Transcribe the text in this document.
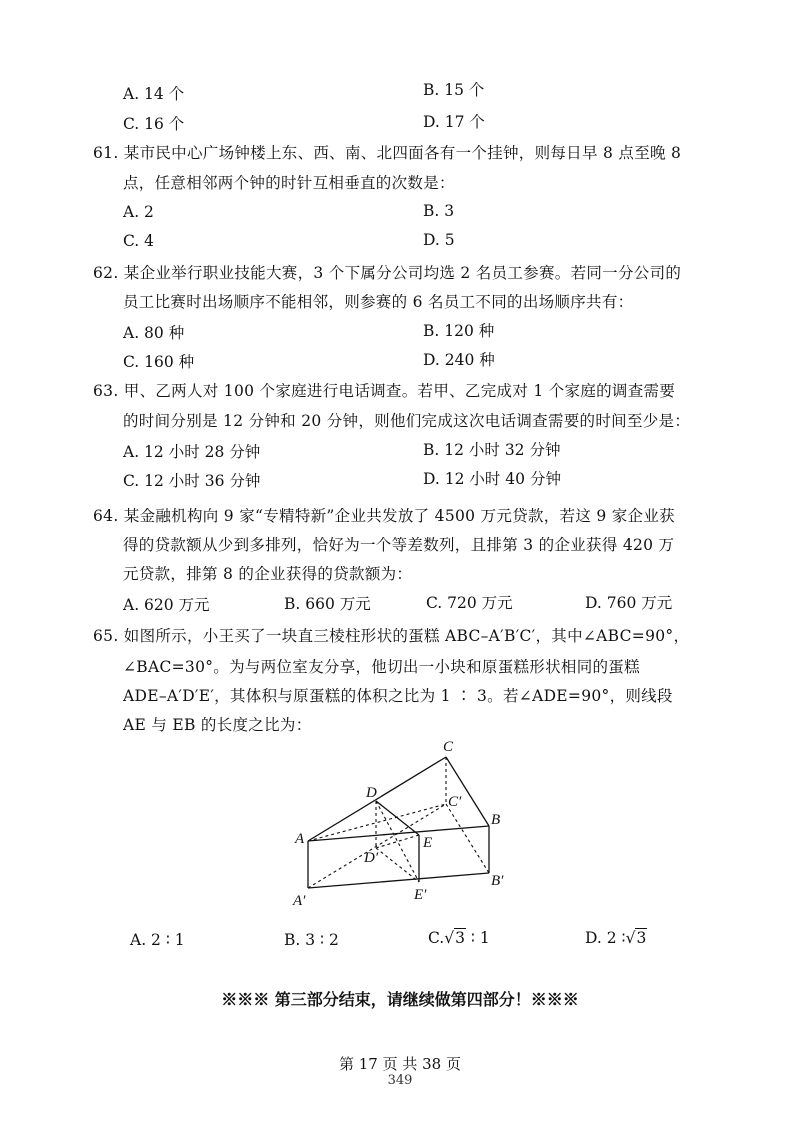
A. 14 个	B. 15 个
C. 16 个	D. 17 个
61. 某市民中心广场钟楼上东、西、南、北四面各有一个挂钟，则每日早 8 点至晚 8
点，任意相邻两个钟的时针互相垂直的次数是：
A. 2	B. 3
C. 4	D. 5
62. 某企业举行职业技能大赛，3 个下属分公司均选 2 名员工参赛。若同一分公司的
员工比赛时出场顺序不能相邻，则参赛的 6 名员工不同的出场顺序共有：
A. 80 种	B. 120 种
C. 160 种	D. 240 种
63. 甲、乙两人对 100 个家庭进行电话调查。若甲、乙完成对 1 个家庭的调查需要
的时间分别是 12 分钟和 20 分钟，则他们完成这次电话调查需要的时间至少是：
A. 12 小时 28 分钟	B. 12 小时 32 分钟
C. 12 小时 36 分钟	D. 12 小时 40 分钟
64. 某金融机构向 9 家“专精特新”企业共发放了 4500 万元贷款，若这 9 家企业获
得的贷款额从少到多排列，恰好为一个等差数列，且排第 3 的企业获得 420 万
元贷款，排第 8 的企业获得的贷款额为：
A. 620 万元	B. 660 万元	C. 720 万元	D. 760 万元
65. 如图所示，小王买了一块直三棱柱形状的蛋糕 ABC–A′B′C′，其中∠ABC=90°，
∠BAC=30°。为与两位室友分享，他切出一小块和原蛋糕形状相同的蛋糕
ADE–A′D′E′，其体积与原蛋糕的体积之比为 1 ∶ 3。若∠ADE=90°，则线段
AE 与 EB 的长度之比为：
C
D
C′
A
B
E
D′
B′
E′
A′
A. 2 ∶ 1	B. 3 ∶ 2	C.√3 ∶ 1	D. 2 ∶√3
※※※ 第三部分结束，请继续做第四部分！※※※
第 17 页 共 38 页
349
